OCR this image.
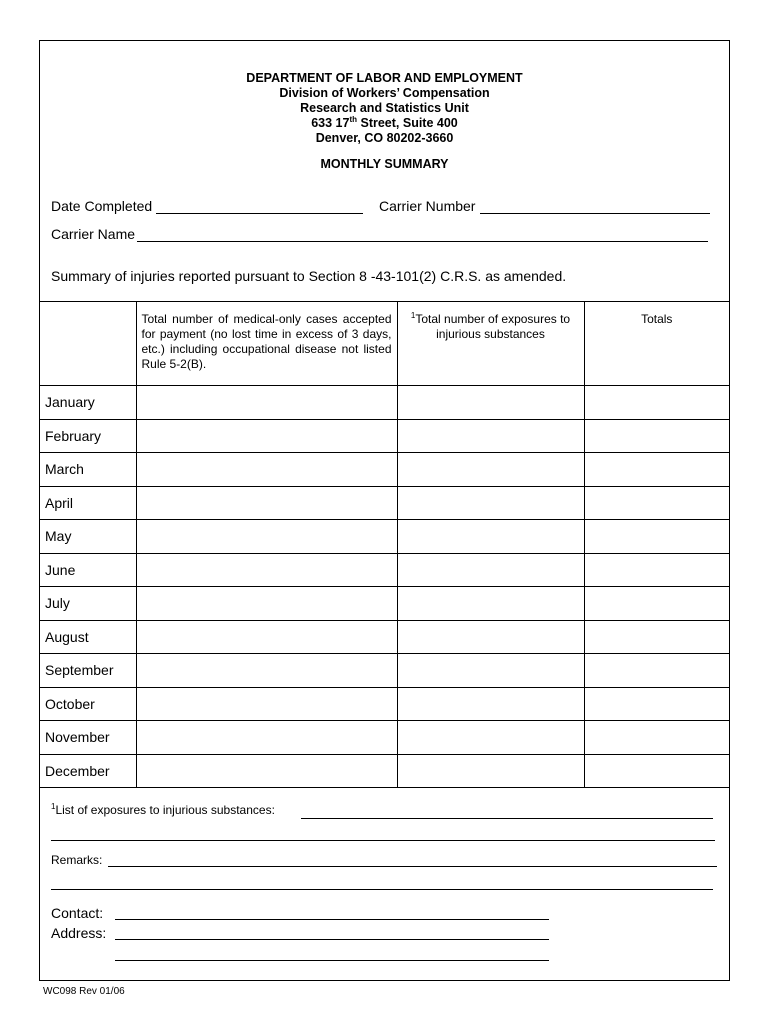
DEPARTMENT OF LABOR AND EMPLOYMENT
Division of Workers’ Compensation
Research and Statistics Unit
633 17th Street, Suite 400
Denver, CO 80202-3660
MONTHLY SUMMARY
Date Completed	Carrier Number
Carrier Name
Summary of injuries reported pursuant to Section 8 -43-101(2) C.R.S. as amended.
	Total number of medical-only cases accepted for payment (no lost time in excess of 3 days, etc.) including occupational disease not listed Rule 5-2(B).	$^1$Total number of exposures to injurious substances	Totals
January			
February			
March			
April			
May			
June			
July			
August			
September			
October			
November			
December			
$^1$List of exposures to injurious substances:
Remarks:
Contact:
Address:
WC098 Rev 01/06
